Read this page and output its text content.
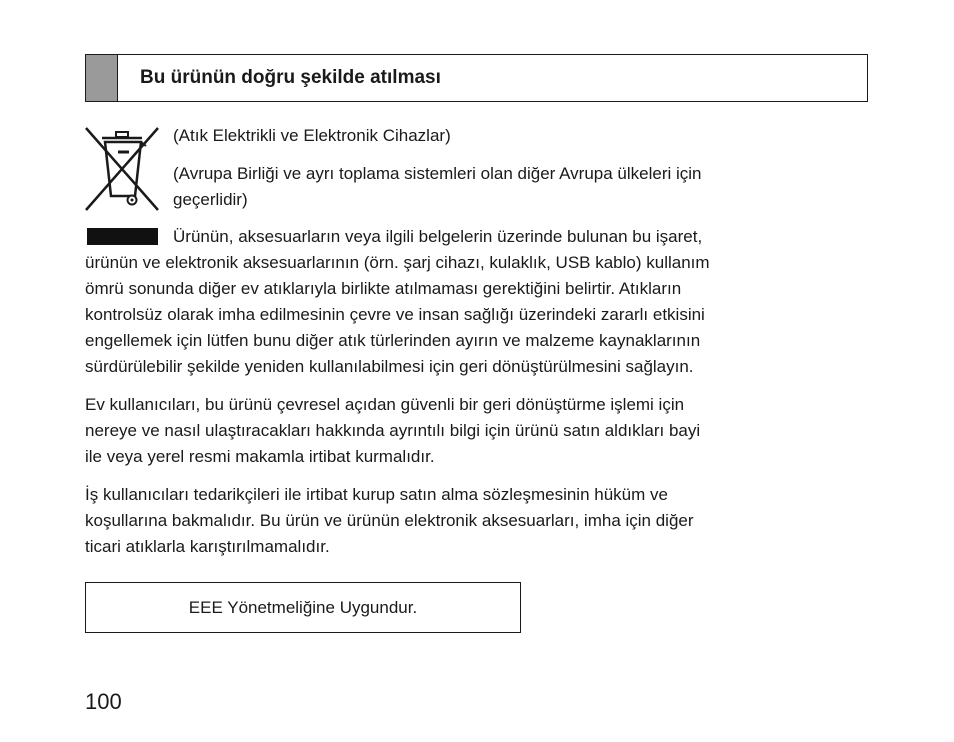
Bu ürünün doğru şekilde atılması
(Atık Elektrikli ve Elektronik Cihazlar)
(Avrupa Birliği ve ayrı toplama sistemleri olan diğer Avrupa ülkeleri için
geçerlidir)
Ürünün, aksesuarların veya ilgili belgelerin üzerinde bulunan bu işaret,
ürünün ve elektronik aksesuarlarının (örn. şarj cihazı, kulaklık, USB kablo) kullanım
ömrü sonunda diğer ev atıklarıyla birlikte atılmaması gerektiğini belirtir. Atıkların
kontrolsüz olarak imha edilmesinin çevre ve insan sağlığı üzerindeki zararlı etkisini
engellemek için lütfen bunu diğer atık türlerinden ayırın ve malzeme kaynaklarının
sürdürülebilir şekilde yeniden kullanılabilmesi için geri dönüştürülmesini sağlayın.
Ev kullanıcıları, bu ürünü çevresel açıdan güvenli bir geri dönüştürme işlemi için
nereye ve nasıl ulaştıracakları hakkında ayrıntılı bilgi için ürünü satın aldıkları bayi
ile veya yerel resmi makamla irtibat kurmalıdır.
İş kullanıcıları tedarikçileri ile irtibat kurup satın alma sözleşmesinin hüküm ve
koşullarına bakmalıdır. Bu ürün ve ürünün elektronik aksesuarları, imha için diğer
ticari atıklarla karıştırılmamalıdır.
EEE Yönetmeliğine Uygundur.
100
